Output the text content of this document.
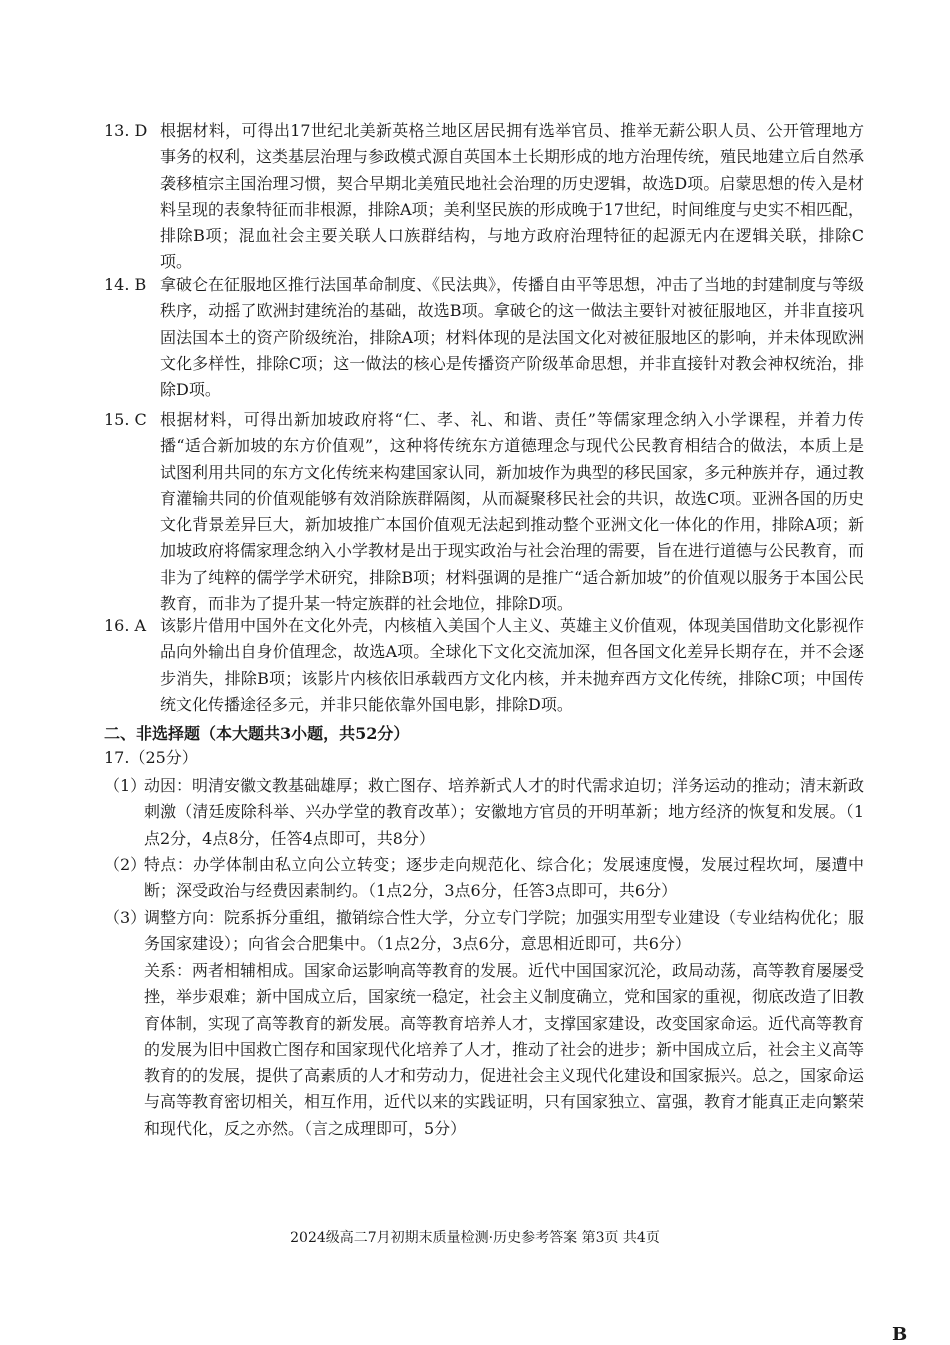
13. D 根据材料，可得出17世纪北美新英格兰地区居民拥有选举官员、推举无薪公职人员、公开管理地方事务的权利，这类基层治理与参政模式源自英国本土长期形成的地方治理传统，殖民地建立后自然承袭移植宗主国治理习惯，契合早期北美殖民地社会治理的历史逻辑，故选D项。启蒙思想的传入是材料呈现的表象特征而非根源，排除A项；美利坚民族的形成晚于17世纪，时间维度与史实不相匹配，排除B项；混血社会主要关联人口族群结构，与地方政府治理特征的起源无内在逻辑关联，排除C项。
14. B 拿破仑在征服地区推行法国革命制度、《民法典》，传播自由平等思想，冲击了当地的封建制度与等级秩序，动摇了欧洲封建统治的基础，故选B项。拿破仑的这一做法主要针对被征服地区，并非直接巩固法国本土的资产阶级统治，排除A项；材料体现的是法国文化对被征服地区的影响，并未体现欧洲文化多样性，排除C项；这一做法的核心是传播资产阶级革命思想，并非直接针对教会神权统治，排除D项。
15. C 根据材料，可得出新加坡政府将“仁、孝、礼、和谐、责任”等儒家理念纳入小学课程，并着力传播“适合新加坡的东方价值观”，这种将传统东方道德理念与现代公民教育相结合的做法，本质上是试图利用共同的东方文化传统来构建国家认同，新加坡作为典型的移民国家，多元种族并存，通过教育灌输共同的价值观能够有效消除族群隔阂，从而凝聚移民社会的共识，故选C项。亚洲各国的历史文化背景差异巨大，新加坡推广本国价值观无法起到推动整个亚洲文化一体化的作用，排除A项；新加坡政府将儒家理念纳入小学教材是出于现实政治与社会治理的需要，旨在进行道德与公民教育，而非为了纯粹的儒学学术研究，排除B项；材料强调的是推广“适合新加坡”的价值观以服务于本国公民教育，而非为了提升某一特定族群的社会地位，排除D项。
16. A 该影片借用中国外在文化外壳，内核植入美国个人主义、英雄主义价值观，体现美国借助文化影视作品向外输出自身价值理念，故选A项。全球化下文化交流加深，但各国文化差异长期存在，并不会逐步消失，排除B项；该影片内核依旧承载西方文化内核，并未抛弃西方文化传统，排除C项；中国传统文化传播途径多元，并非只能依靠外国电影，排除D项。
二、非选择题（本大题共3小题，共52分）
17.（25分）
（1）
动因：明清安徽文教基础雄厚；救亡图存、培养新式人才的时代需求迫切；洋务运动的推动；清末新政刺激（清廷废除科举、兴办学堂的教育改革）；安徽地方官员的开明革新；地方经济的恢复和发展。（1点2分，4点8分，任答4点即可，共8分）
（2）
特点：办学体制由私立向公立转变；逐步走向规范化、综合化；发展速度慢，发展过程坎坷，屡遭中断；深受政治与经费因素制约。（1点2分，3点6分，任答3点即可，共6分）
（3）
调整方向：院系拆分重组，撤销综合性大学，分立专门学院；加强实用型专业建设（专业结构优化；服务国家建设）；向省会合肥集中。（1点2分，3点6分，意思相近即可，共6分）
关系：两者相辅相成。国家命运影响高等教育的发展。近代中国国家沉沦，政局动荡，高等教育屡屡受挫，举步艰难；新中国成立后，国家统一稳定，社会主义制度确立，党和国家的重视，彻底改造了旧教育体制，实现了高等教育的新发展。高等教育培养人才，支撑国家建设，改变国家命运。近代高等教育的发展为旧中国救亡图存和国家现代化培养了人才，推动了社会的进步；新中国成立后，社会主义高等教育的的发展，提供了高素质的人才和劳动力，促进社会主义现代化建设和国家振兴。总之，国家命运与高等教育密切相关，相互作用，近代以来的实践证明，只有国家独立、富强，教育才能真正走向繁荣和现代化，反之亦然。（言之成理即可，5分）
2024级高二7月初期末质量检测·历史参考答案 第3页 共4页
B
